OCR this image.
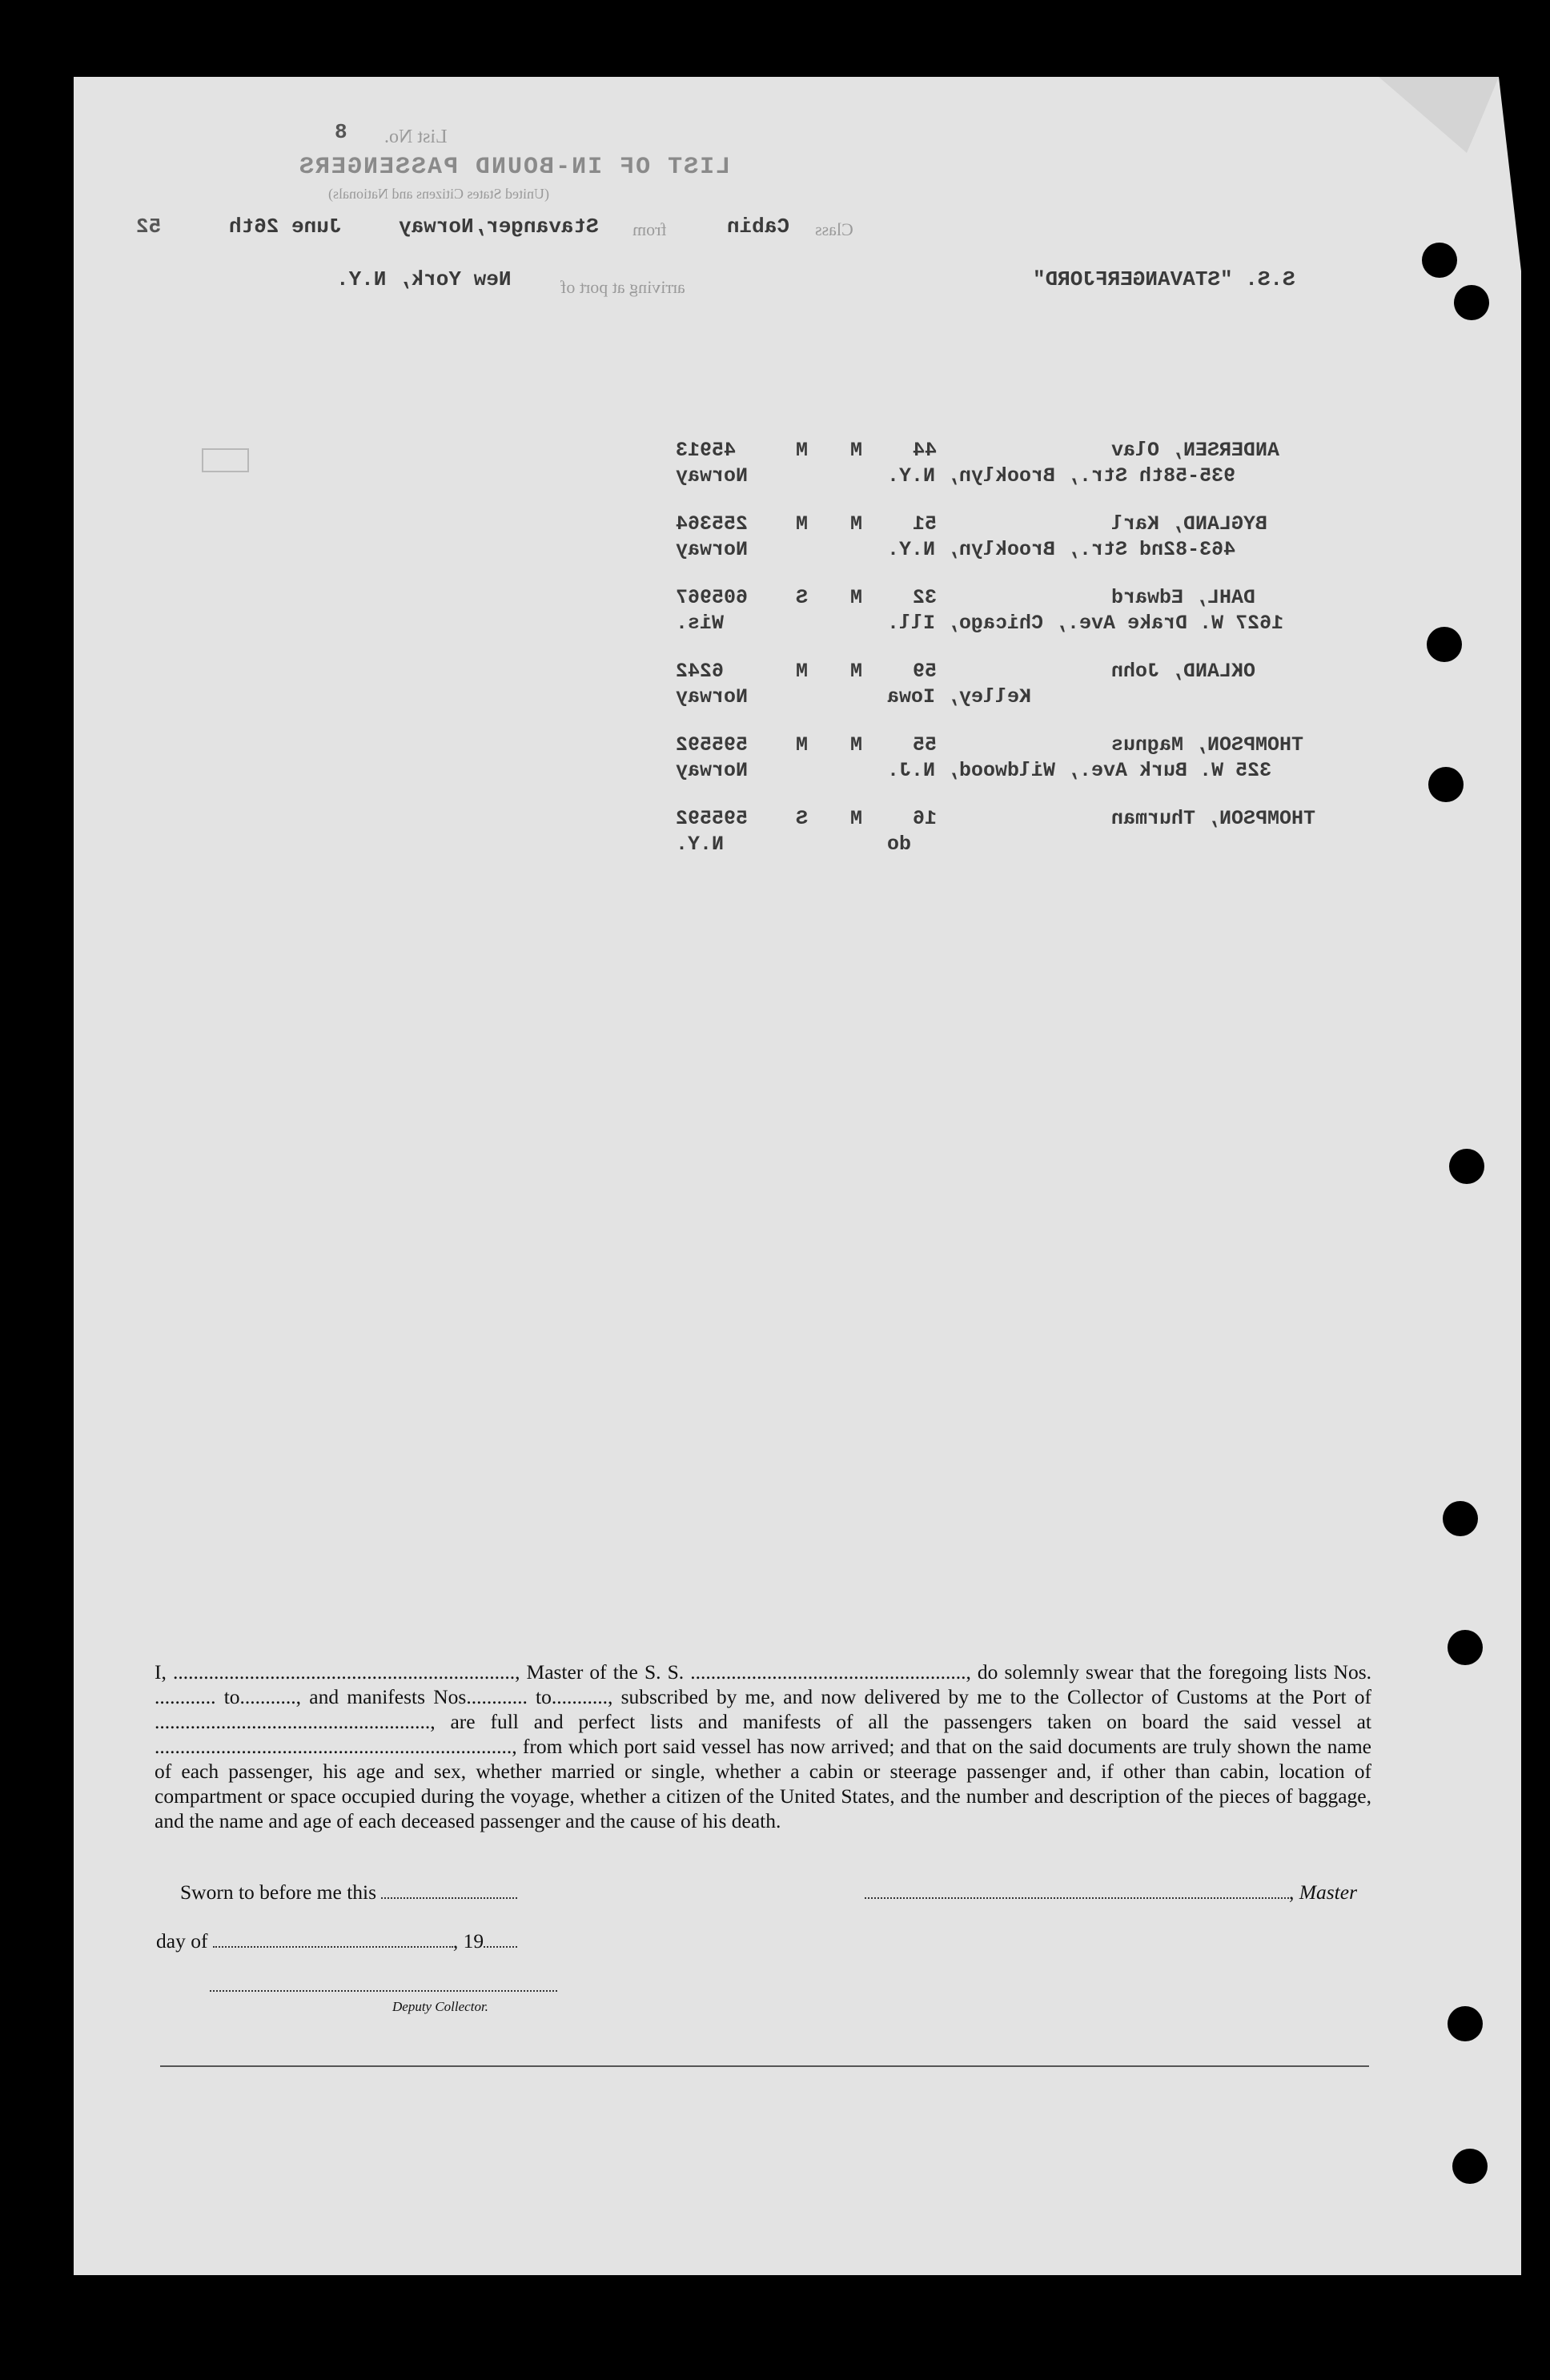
List No.
8
LIST OF IN-BOUND PASSENGERS
(United States Citizens and Nationals)
Class
Cabin
from
Stavanger,Norway
June 26th
52
S.S. "STAVANGERFJORD"
arriving at port of
New York, N.Y.

ANDERSEN, Olav
44
M
M
45913
935-58th Str., Brooklyn, N.Y.
Norway
BYGLAND, Karl
51
M
M
255364
463-82nd Str., Brooklyn, N.Y.
Norway
DAHL, Edward
32
M
S
605967
1627 W. Drake Ave., Chicago, Ill.
Wis.
OKLAND, John
59
M
M
6242
Kelley, Iowa
Norway
THOMPSON, Magnus
55
M
M
595592
325 W. Burk Ave., Wildwood, N.J.
Norway
THOMPSON, Thurman
16
M
S
595592
do
N.Y.
I, ..................................................................., Master of the S. S. ......................................................, do solemnly swear that the foregoing lists Nos. ............ to..........., and manifests Nos............ to..........., subscribed by me, and now delivered by me to the Collector of Customs at the Port of ......................................................, are full and perfect lists and manifests of all the passengers taken on board the said vessel at ......................................................................, from which port said vessel has now arrived; and that on the said documents are truly shown the name of each passenger, his age and sex, whether married or single, whether a cabin or steerage passenger and, if other than cabin, location of compartment or space occupied during the voyage, whether a citizen of the United States, and the number and description of the pieces of baggage, and the name and age of each deceased passenger and the cause of his death.
Sworn to before me this	, Master
day of	, 19
Deputy Collector.
